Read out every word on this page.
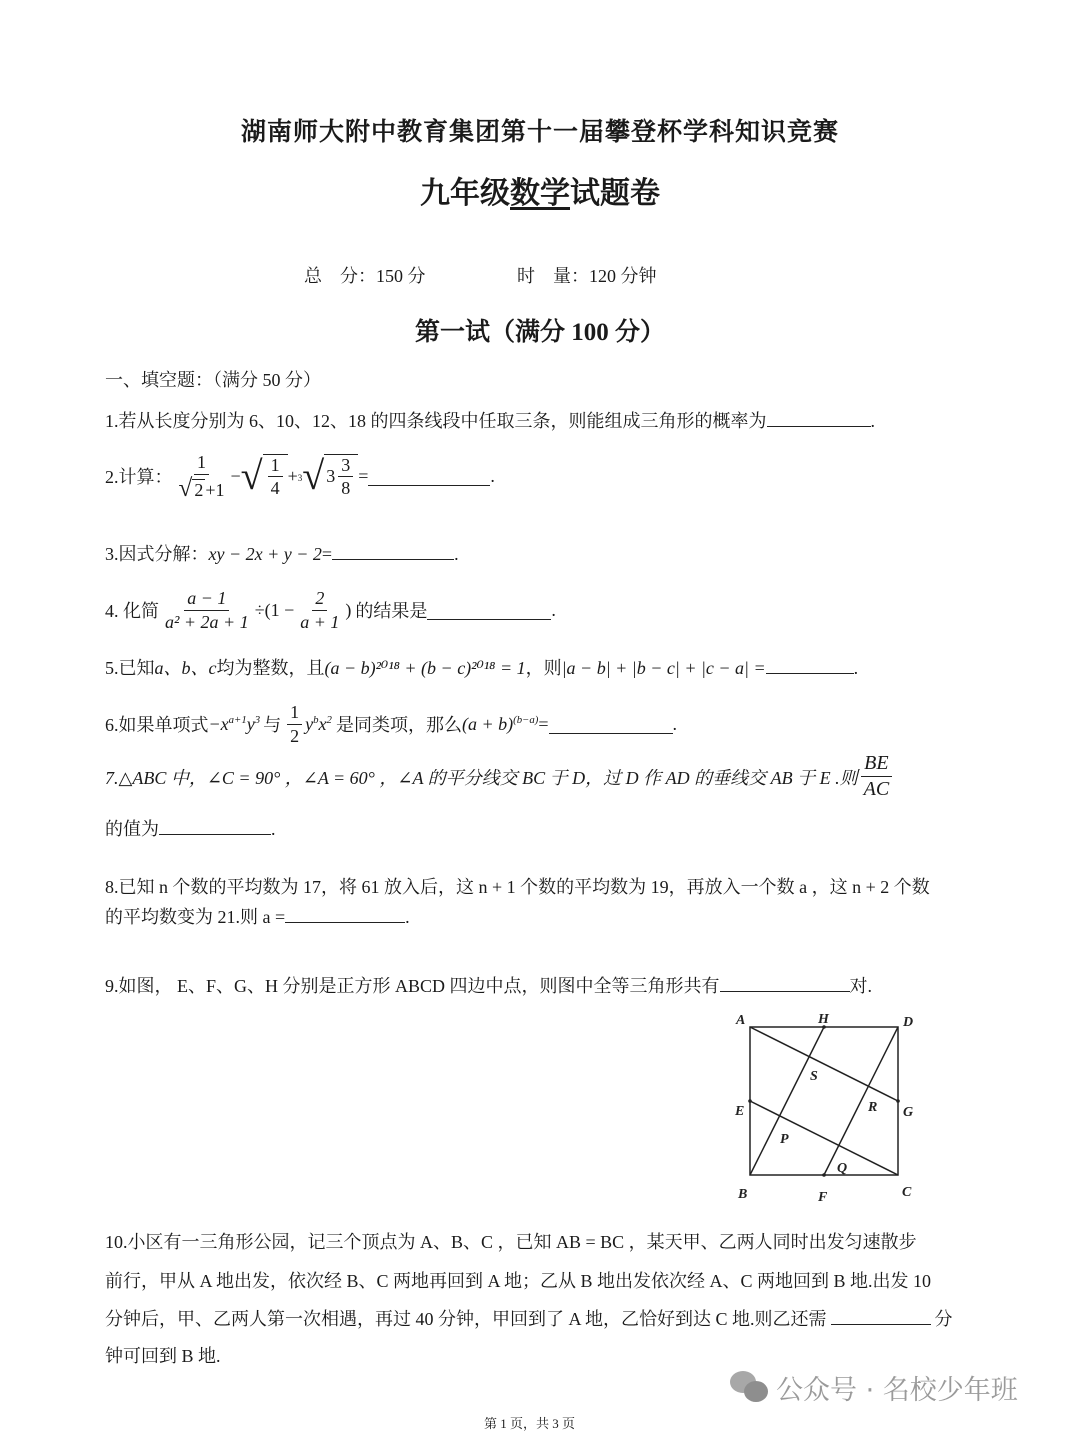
湖南师大附中教育集团第十一届攀登杯学科知识竞赛
九年级数学试题卷
总　分：150 分	时　量：120 分钟
第一试（满分 100 分）
一、填空题：（满分 50 分）
1.若从长度分别为 6、10、12、18 的四条线段中任取三条，则能组成三角形的概率为	.
2.计算： $\frac{1}{√ 2 +1}$ − √ $\frac{1}{4} + 3$ √ $3 \frac{3}{8}$ =	.
3.因式分解：xy − 2x + y − 2=	.
4. 化简 $\frac{a - 1}{\text{a² + 2a + 1}} \div(1 - \frac{2}{a + 1}$ ) 的结果是	.
5.已知a、b、c均为整数，且(a − b)²⁰¹⁸ + (b − c)²⁰¹⁸ = 1，则|a − b| + |b − c| + |c − a| =	.
6.如果单项式 $-x^{a+1}y^3$ 与 $\frac{1}{2} y^bx^2$ 是同类项，那么 $(a + b)^{(b-a)}$ =	.
7.△ABC 中，∠C = 90° ，∠A = 60° ，∠A 的平分线交 BC 于 D，过 D 作 AD 的垂线交 AB 于 E .则 $\frac{BE}{AC}$
的值为	.
8.已知 n 个数的平均数为 17，将 61 放入后，这 n + 1 个数的平均数为 19，再放入一个数 a ，这 n + 2 个数
的平均数变为 21.则 a =	.
9.如图， E、F、G、H 分别是正方形 ABCD 四边中点，则图中全等三角形共有	对.
A	H	D
S
R G
E
P
Q
B	F	C
10.小区有一三角形公园，记三个顶点为 A、B、C ，已知 AB = BC ，某天甲、乙两人同时出发匀速散步
前行，甲从 A 地出发，依次经 B、C 两地再回到 A 地；乙从 B 地出发依次经 A、C 两地回到 B 地.出发 10
分钟后，甲、乙两人第一次相遇，再过 40 分钟，甲回到了 A 地，乙恰好到达 C 地.则乙还需	分
钟可回到 B 地.
公众号 · 名校少年班
第 1 页，共 3 页
